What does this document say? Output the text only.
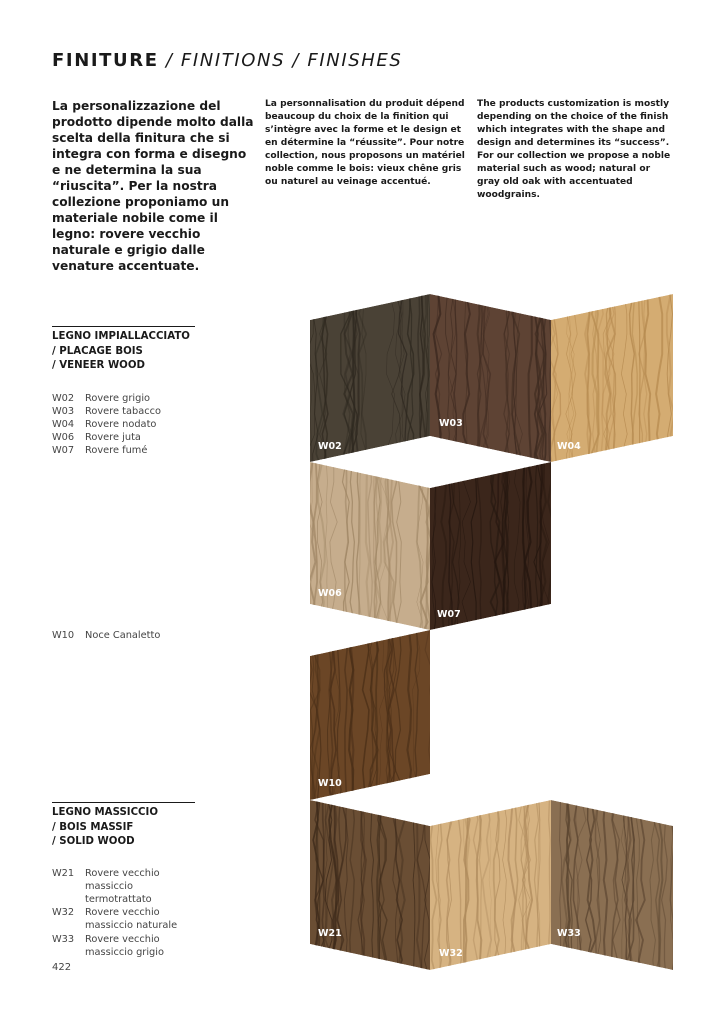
FINITURE / FINITIONS / FINISHES

La personalizzazione del prodotto dipende molto dalla scelta della finitura che si integra con forma e disegno e ne determina la sua “riuscita”. Per la nostra collezione proponiamo un materiale nobile come il legno: rovere vecchio naturale e grigio dalle venature accentuate.

La personnalisation du produit dépend beaucoup du choix de la finition qui s’intègre avec la forme et le design et en détermine la “réussite”. Pour notre collection, nous proposons un matériel noble comme le bois: vieux chêne gris ou naturel au veinage accentué.

The products customization is mostly depending on the choice of the finish which integrates with the shape and design and determines its “success”. For our collection we propose a noble material such as wood; natural or gray old oak with accentuated woodgrains.

LEGNO IMPIALLACCIATO
/ PLACAGE BOIS
/ VENEER WOOD
W02	Rovere grigio
W03	Rovere tabacco
W04	Rovere nodato
W06	Rovere juta
W07	Rovere fumé
W10	Noce Canaletto
LEGNO MASSICCIO
/ BOIS MASSIF
/ SOLID WOOD
W21	Rovere vecchio massiccio termotrattato
W32	Rovere vecchio massiccio naturale
W33	Rovere vecchio massiccio grigio
W02
W03
W04
W06
W07
W10
W21
W32
W33
422
